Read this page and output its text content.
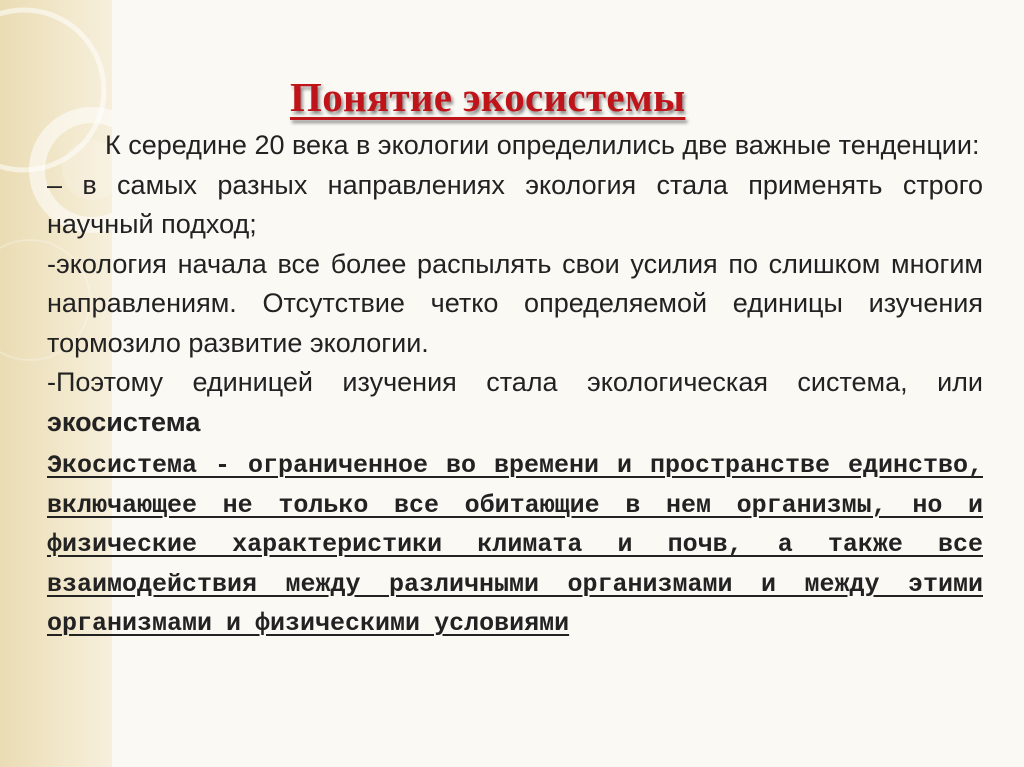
Понятие экосистемы

К середине 20 века в экологии определились две важные тенденции:

– в самых разных направлениях экология стала применять строго научный подход;

-экология начала все более распылять свои усилия по слишком многим направлениям. Отсутствие четко определяемой единицы изучения тормозило развитие экологии.

-Поэтому единицей изучения стала экологическая система, или экосистема

Экосистема - ограниченное во времени и пространстве единство, включающее не только все обитающие в нем организмы, но и физические характеристики климата и почв, а также все взаимодействия между различными организмами и между этими организмами и физическими условиями
